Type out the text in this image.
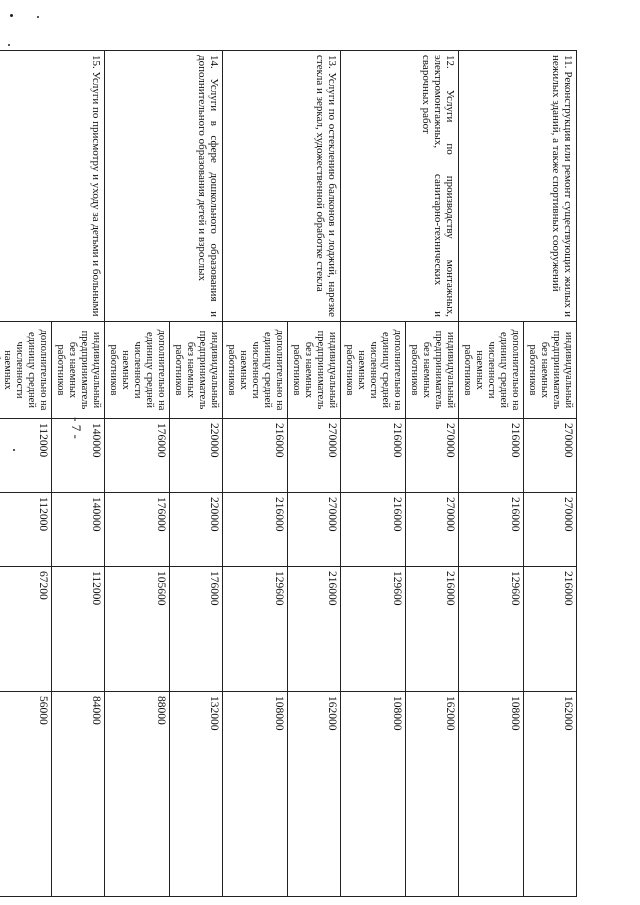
- 7 -
11. Реконструкция или ремонт существующих жилых и нежилых зданий, а также спортивных сооружений	индивидуальный предприниматель без наемных работников	270000	270000	216000	162000
	дополнительно на единицу средней численности наемных работников	216000	216000	129600	108000
12. Услуги по производству монтажных, электромонтажных, санитарно-технических и сварочных работ	индивидуальный предприниматель без наемных работников	270000	270000	216000	162000
	дополнительно на единицу средней численности наемных работников	216000	216000	129600	108000
13. Услуги по остеклению балконов и лоджий, нарезке стекла и зеркал, художественной обработке стекла	индивидуальный предприниматель без наемных работников	270000	270000	216000	162000
	дополнительно на единицу средней численности наемных работников	216000	216000	129600	108000
14. Услуги в сфере дошкольного образования и дополнительного образования детей и взрослых	индивидуальный предприниматель без наемных работников	220000	220000	176000	132000
	дополнительно на единицу средней численности наемных работников	176000	176000	105600	88000
15. Услуги по присмотру и уходу за детьми и больными	индивидуальный предприниматель без наемных работников	140000	140000	112000	84000
	дополнительно на единицу средней численности наемных	112000	112000	67200	56000
